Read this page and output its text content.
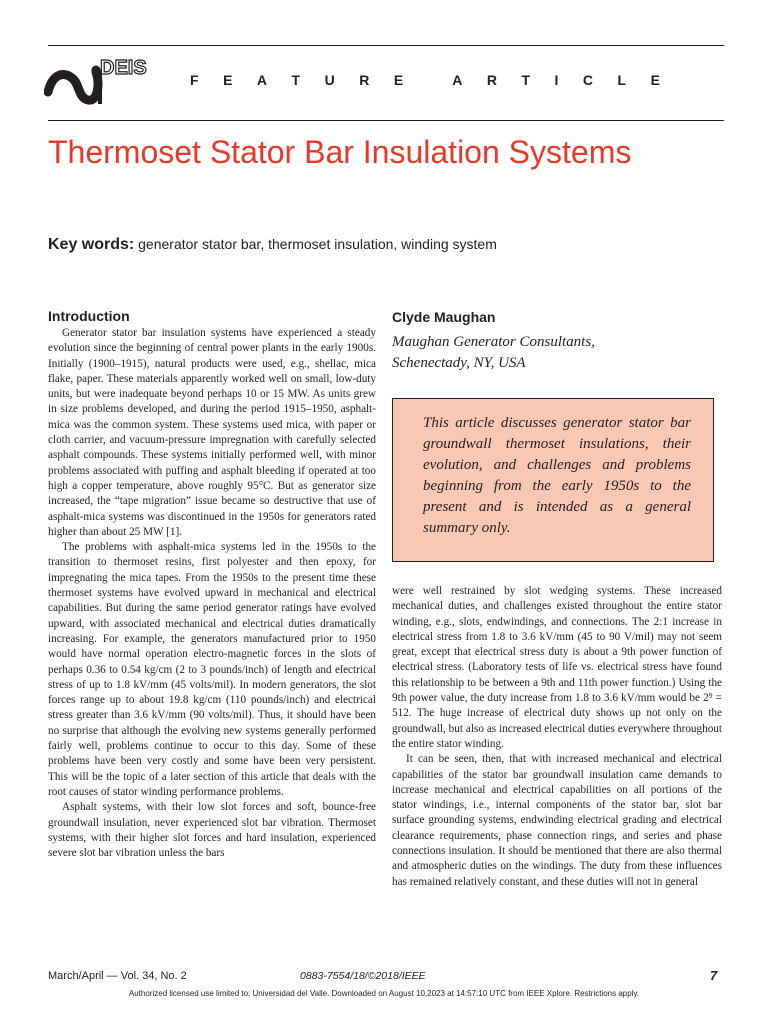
DEIS
F E A T U R E	A R T I C L E
Thermoset Stator Bar Insulation Systems
Key words: generator stator bar, thermoset insulation, winding system
Introduction

Generator stator bar insulation systems have experienced a steady evolution since the beginning of central power plants in the early 1900s. Initially (1900–1915), natural products were used, e.g., shellac, mica flake, paper. These materials apparently worked well on small, low-duty units, but were inadequate beyond perhaps 10 or 15 MW. As units grew in size problems developed, and during the period 1915–1950, asphalt-mica was the common system. These systems used mica, with paper or cloth carrier, and vacuum-pressure impregnation with carefully selected asphalt compounds. These systems initially performed well, with minor problems associated with puffing and asphalt bleeding if operated at too high a copper temperature, above roughly 95°C. But as generator size increased, the “tape migration” issue became so destructive that use of asphalt-mica systems was discontinued in the 1950s for generators rated higher than about 25 MW [1].

The problems with asphalt-mica systems led in the 1950s to the transition to thermoset resins, first polyester and then epoxy, for impregnating the mica tapes. From the 1950s to the present time these thermoset systems have evolved upward in mechanical and electrical capabilities. But during the same period generator ratings have evolved upward, with associated mechanical and electrical duties dramatically increasing. For example, the generators manufactured prior to 1950 would have normal operation electro-magnetic forces in the slots of perhaps 0.36 to 0.54 kg/cm (2 to 3 pounds/inch) of length and electrical stress of up to 1.8 kV/mm (45 volts/mil). In modern generators, the slot forces range up to about 19.8 kg/cm (110 pounds/inch) and electrical stress greater than 3.6 kV/mm (90 volts/mil). Thus, it should have been no surprise that although the evolving new systems generally performed fairly well, problems continue to occur to this day. Some of these problems have been very costly and some have been very persistent. This will be the topic of a later section of this article that deals with the root causes of stator winding performance problems.

Asphalt systems, with their low slot forces and soft, bounce-free groundwall insulation, never experienced slot bar vibration. Thermoset systems, with their higher slot forces and hard insulation, experienced severe slot bar vibration unless the bars

Clyde Maughan
Maughan Generator Consultants,
Schenectady, NY, USA
This article discusses generator stator bar groundwall thermoset insulations, their evolution, and challenges and problems beginning from the early 1950s to the present and is intended as a general summary only.

were well restrained by slot wedging systems. These increased mechanical duties, and challenges existed throughout the entire stator winding, e.g., slots, endwindings, and connections. The 2:1 increase in electrical stress from 1.8 to 3.6 kV/mm (45 to 90 V/mil) may not seem great, except that electrical stress duty is about a 9th power function of electrical stress. (Laboratory tests of life vs. electrical stress have found this relationship to be between a 9th and 11th power function.) Using the 9th power value, the duty increase from 1.8 to 3.6 kV/mm would be 2⁹ = 512. The huge increase of electrical duty shows up not only on the groundwall, but also as increased electrical duties everywhere throughout the entire stator winding.

It can be seen, then, that with increased mechanical and electrical capabilities of the stator bar groundwall insulation came demands to increase mechanical and electrical capabilities on all portions of the stator windings, i.e., internal components of the stator bar, slot bar surface grounding systems, endwinding electrical grading and electrical clearance requirements, phase connection rings, and series and phase connections insulation. It should be mentioned that there are also thermal and atmospheric duties on the windings. The duty from these influences has remained relatively constant, and these duties will not in general

March/April — Vol. 34, No. 2	0883-7554/18/©2018/IEEE	7
Authorized licensed use limited to: Universidad del Valle. Downloaded on August 10,2023 at 14:57:10 UTC from IEEE Xplore. Restrictions apply.
